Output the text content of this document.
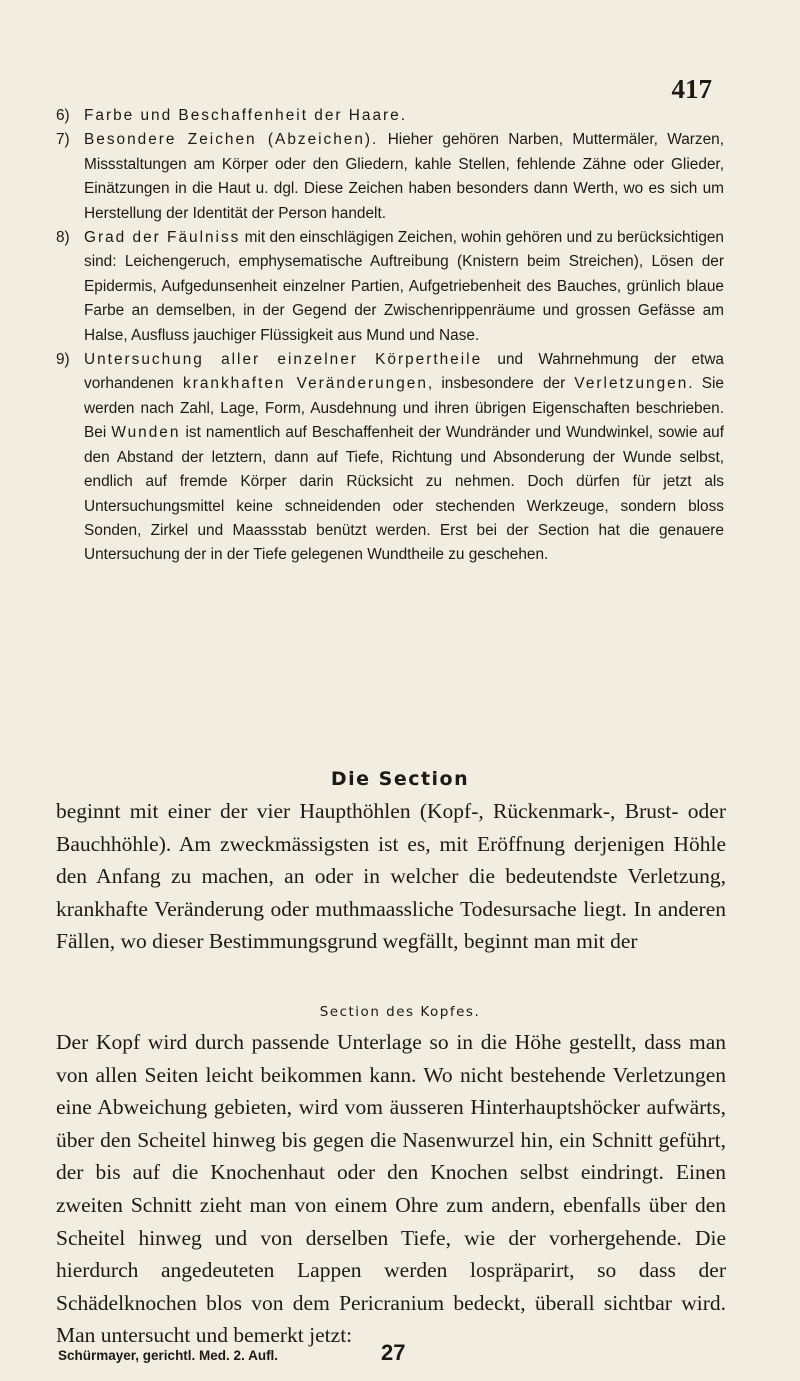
417

6) Farbe und Beschaffenheit der Haare.

7) Besondere Zeichen (Abzeichen). Hieher gehören Narben, Muttermäler, Warzen, Missstaltungen am Körper oder den Gliedern, kahle Stellen, fehlende Zähne oder Glieder, Einätzungen in die Haut u. dgl. Diese Zeichen haben besonders dann Werth, wo es sich um Herstellung der Identität der Person handelt.

8) Grad der Fäulniss mit den einschlägigen Zeichen, wohin gehören und zu berücksichtigen sind: Leichengeruch, emphysematische Auftreibung (Knistern beim Streichen), Lösen der Epidermis, Aufgedunsenheit einzelner Partien, Aufgetriebenheit des Bauches, grünlich blaue Farbe an demselben, in der Gegend der Zwischenrippenräume und grossen Gefässe am Halse, Ausfluss jauchiger Flüssigkeit aus Mund und Nase.

9) Untersuchung aller einzelner Körpertheile und Wahrnehmung der etwa vorhandenen krankhaften Veränderungen, insbesondere der Verletzungen. Sie werden nach Zahl, Lage, Form, Ausdehnung und ihren übrigen Eigenschaften beschrieben. Bei Wunden ist namentlich auf Beschaffenheit der Wundränder und Wundwinkel, sowie auf den Abstand der letztern, dann auf Tiefe, Richtung und Absonderung der Wunde selbst, endlich auf fremde Körper darin Rücksicht zu nehmen. Doch dürfen für jetzt als Untersuchungsmittel keine schneidenden oder stechenden Werkzeuge, sondern bloss Sonden, Zirkel und Maassstab benützt werden. Erst bei der Section hat die genauere Untersuchung der in der Tiefe gelegenen Wundtheile zu geschehen.

Die Section

beginnt mit einer der vier Haupthöhlen (Kopf-, Rückenmark-, Brust- oder Bauchhöhle). Am zweckmässigsten ist es, mit Eröffnung derjenigen Höhle den Anfang zu machen, an oder in welcher die bedeutendste Verletzung, krankhafte Veränderung oder muthmaassliche Todesursache liegt. In anderen Fällen, wo dieser Bestimmungsgrund wegfällt, beginnt man mit der

Section des Kopfes.

Der Kopf wird durch passende Unterlage so in die Höhe gestellt, dass man von allen Seiten leicht beikommen kann. Wo nicht bestehende Verletzungen eine Abweichung gebieten, wird vom äusseren Hinterhauptshöcker aufwärts, über den Scheitel hinweg bis gegen die Nasenwurzel hin, ein Schnitt geführt, der bis auf die Knochenhaut oder den Knochen selbst eindringt. Einen zweiten Schnitt zieht man von einem Ohre zum andern, ebenfalls über den Scheitel hinweg und von derselben Tiefe, wie der vorhergehende. Die hierdurch angedeuteten Lappen werden lospräparirt, so dass der Schädelknochen blos von dem Pericranium bedeckt, überall sichtbar wird. Man untersucht und bemerkt jetzt:

Schürmayer, gerichtl. Med. 2. Aufl.	27
